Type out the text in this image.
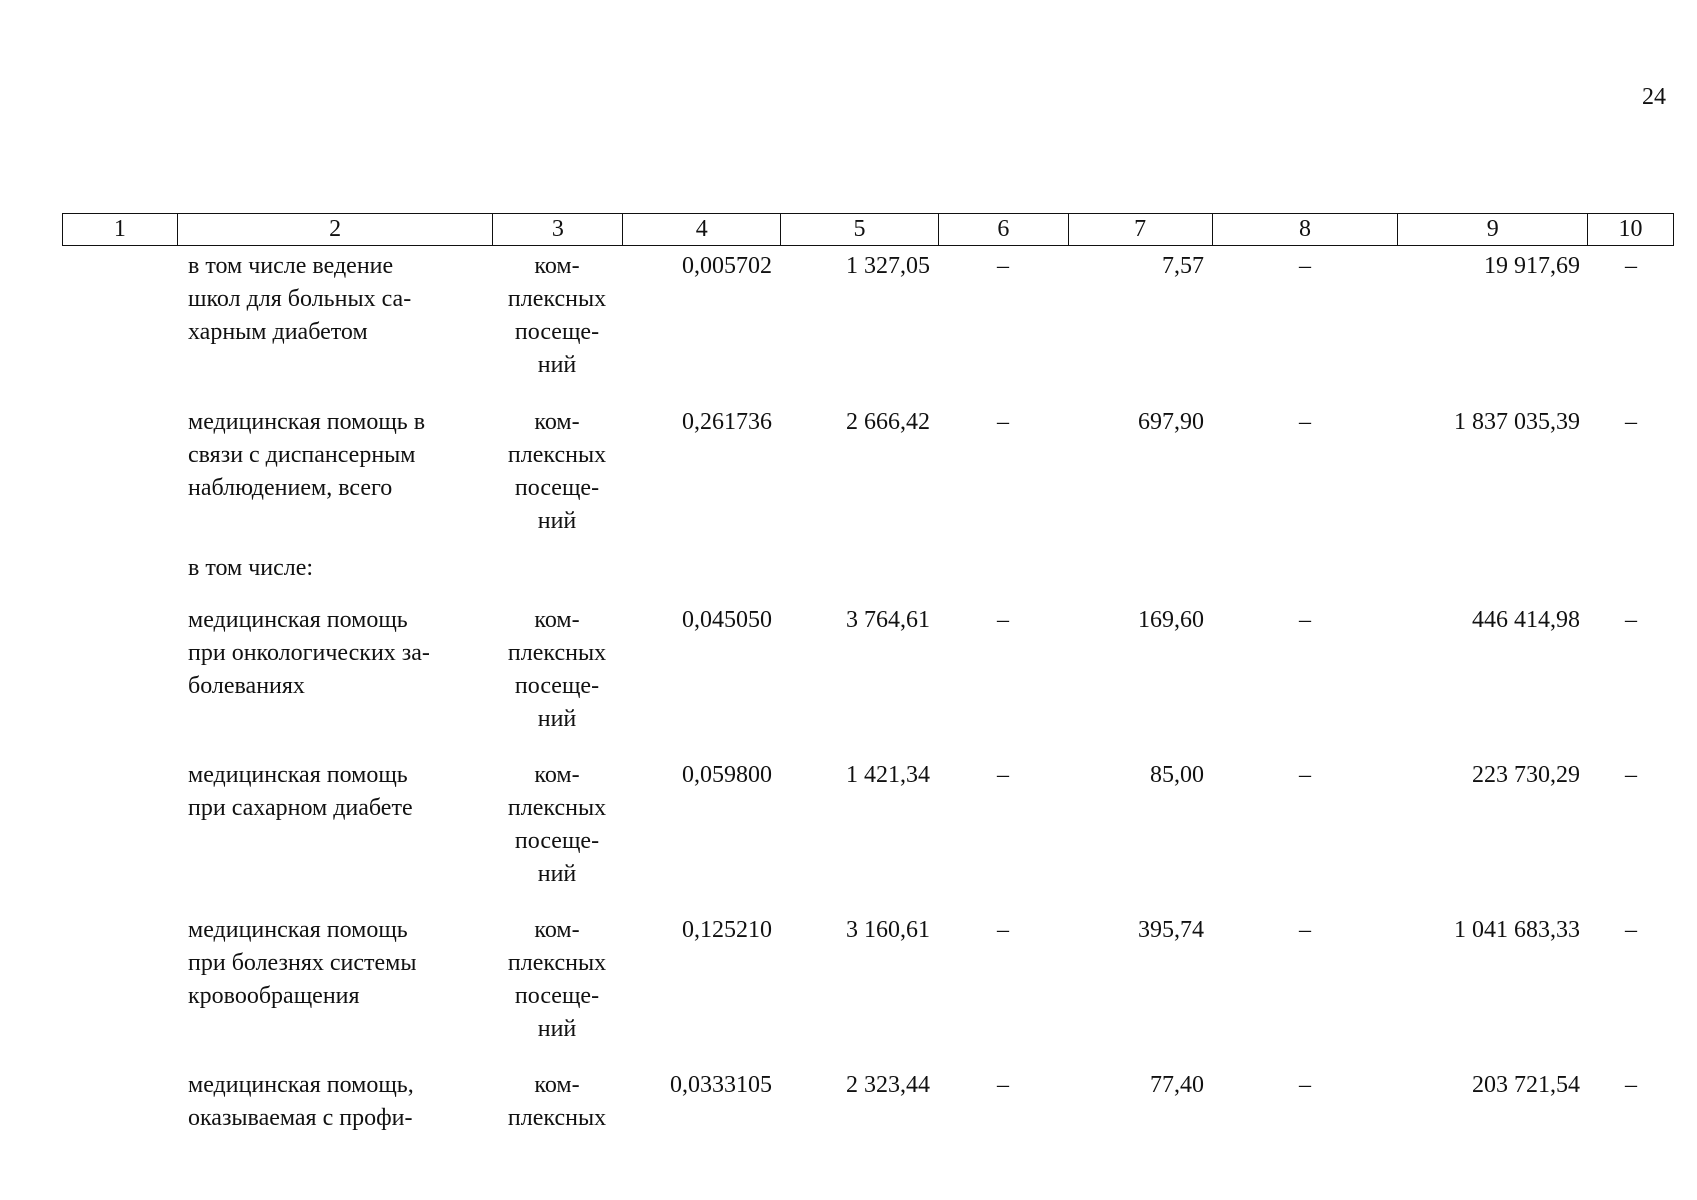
24
1	2	3	4	5	6	7	8	9	10
в том числе ведение
школ для больных са-
харным диабетом
ком-
плексных
посеще-
ний
0,005702	1 327,05	–	7,57	–	19 917,69	–
медицинская помощь в
связи с диспансерным
наблюдением, всего
ком-
плексных
посеще-
ний
0,261736	2 666,42	–	697,90	–	1 837 035,39	–
в том числе:
медицинская помощь
при онкологических за-
болеваниях
ком-
плексных
посеще-
ний
0,045050	3 764,61	–	169,60	–	446 414,98	–
медицинская помощь
при сахарном диабете
ком-
плексных
посеще-
ний
0,059800	1 421,34	–	85,00	–	223 730,29	–
медицинская помощь
при болезнях системы
кровообращения
ком-
плексных
посеще-
ний
0,125210	3 160,61	–	395,74	–	1 041 683,33	–
медицинская помощь,
оказываемая с профи-
ком-
плексных
0,0333105	2 323,44	–	77,40	–	203 721,54	–
